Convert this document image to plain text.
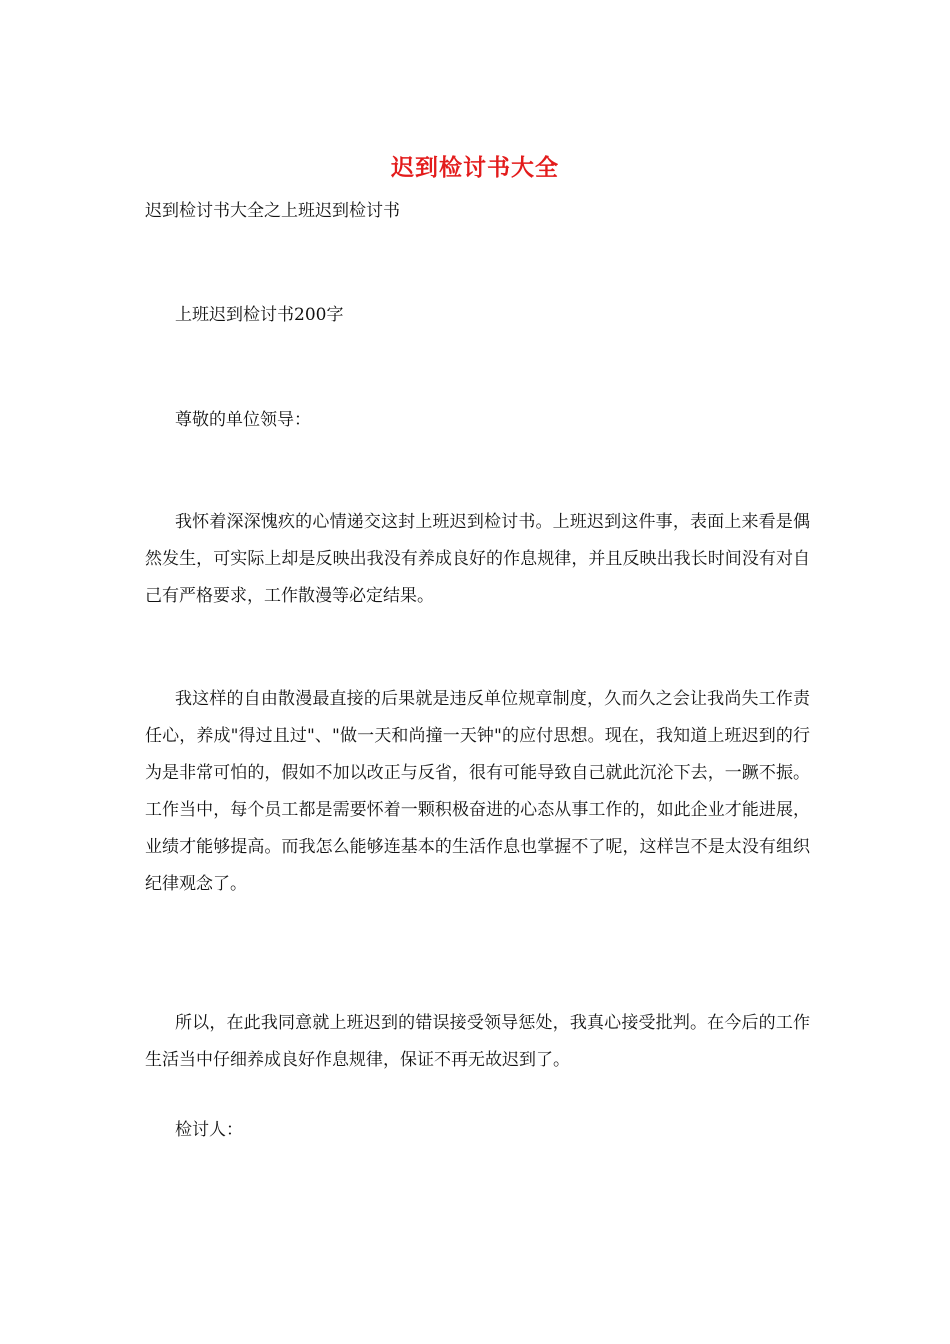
迟到检讨书大全
迟到检讨书大全之上班迟到检讨书

上班迟到检讨书200字

尊敬的单位领导：

我怀着深深愧疚的心情递交这封上班迟到检讨书。上班迟到这件事，表面上来看是偶然发生，可实际上却是反映出我没有养成良好的作息规律，并且反映出我长时间没有对自己有严格要求，工作散漫等必定结果。

我这样的自由散漫最直接的后果就是违反单位规章制度，久而久之会让我尚失工作责任心，养成"得过且过"、"做一天和尚撞一天钟"的应付思想。现在，我知道上班迟到的行为是非常可怕的，假如不加以改正与反省，很有可能导致自己就此沉沦下去，一蹶不振。工作当中，每个员工都是需要怀着一颗积极奋进的心态从事工作的，如此企业才能进展，业绩才能够提高。而我怎么能够连基本的生活作息也掌握不了呢，这样岂不是太没有组织纪律观念了。

所以，在此我同意就上班迟到的错误接受领导惩处，我真心接受批判。在今后的工作生活当中仔细养成良好作息规律，保证不再无故迟到了。

检讨人：
